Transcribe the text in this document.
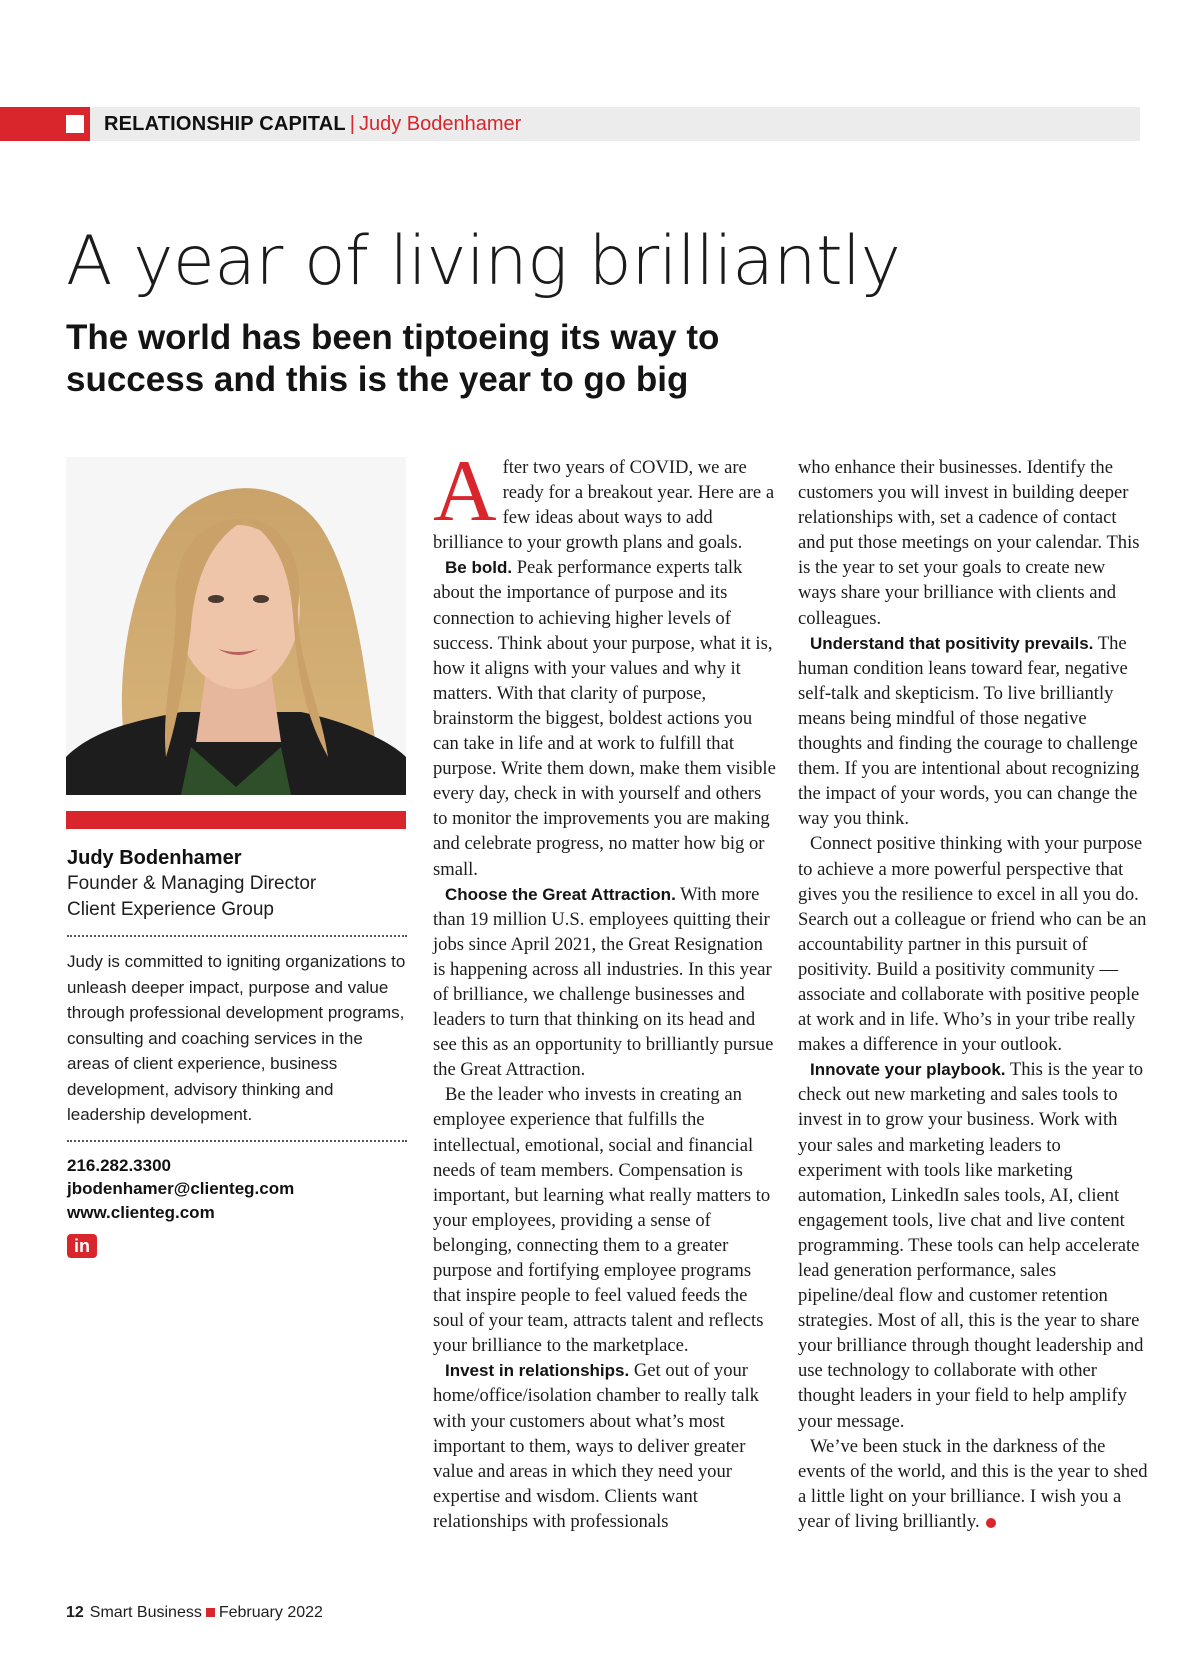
RELATIONSHIP CAPITAL | Judy Bodenhamer
A year of living brilliantly
The world has been tiptoeing its way to success and this is the year to go big

Judy Bodenhamer

Founder & Managing Director

Client Experience Group

Judy is committed to igniting organizations to unleash deeper impact, purpose and value through professional development programs, consulting and coaching services in the areas of client experience, business development, advisory thinking and leadership development.

216.282.3300

jbodenhamer@clienteg.com

www.clienteg.com

in

After two years of COVID, we are ready for a breakout year. Here are a few ideas about ways to add brilliance to your growth plans and goals.

Be bold. Peak performance experts talk about the importance of purpose and its connection to achieving higher levels of success. Think about your purpose, what it is, how it aligns with your values and why it matters. With that clarity of purpose, brainstorm the biggest, boldest actions you can take in life and at work to fulfill that purpose. Write them down, make them visible every day, check in with yourself and others to monitor the improvements you are making and celebrate progress, no matter how big or small.

Choose the Great Attraction. With more than 19 million U.S. employees quitting their jobs since April 2021, the Great Resignation is happening across all industries. In this year of brilliance, we challenge businesses and leaders to turn that thinking on its head and see this as an opportunity to brilliantly pursue the Great Attraction.

Be the leader who invests in creating an employee experience that fulfills the intellectual, emotional, social and financial needs of team members. Compensation is important, but learning what really matters to your employees, providing a sense of belonging, connecting them to a greater purpose and fortifying employee programs that inspire people to feel valued feeds the soul of your team, attracts talent and reflects your brilliance to the marketplace.

Invest in relationships. Get out of your home/office/isolation chamber to really talk with your customers about what’s most important to them, ways to deliver greater value and areas in which they need your expertise and wisdom. Clients want relationships with professionals

who enhance their businesses. Identify the customers you will invest in building deeper relationships with, set a cadence of contact and put those meetings on your calendar. This is the year to set your goals to create new ways share your brilliance with clients and colleagues.

Understand that positivity prevails. The human condition leans toward fear, negative self-talk and skepticism. To live brilliantly means being mindful of those negative thoughts and finding the courage to challenge them. If you are intentional about recognizing the impact of your words, you can change the way you think.

Connect positive thinking with your purpose to achieve a more powerful perspective that gives you the resilience to excel in all you do. Search out a colleague or friend who can be an accountability partner in this pursuit of positivity. Build a positivity community — associate and collaborate with positive people at work and in life. Who’s in your tribe really makes a difference in your outlook.

Innovate your playbook. This is the year to check out new marketing and sales tools to invest in to grow your business. Work with your sales and marketing leaders to experiment with tools like marketing automation, LinkedIn sales tools, AI, client engagement tools, live chat and live content programming. These tools can help accelerate lead generation performance, sales pipeline/deal flow and customer retention strategies. Most of all, this is the year to share your brilliance through thought leadership and use technology to collaborate with other thought leaders in your field to help amplify your message.

We’ve been stuck in the darkness of the events of the world, and this is the year to shed a little light on your brilliance. I wish you a year of living brilliantly.

12 Smart Business February 2022
